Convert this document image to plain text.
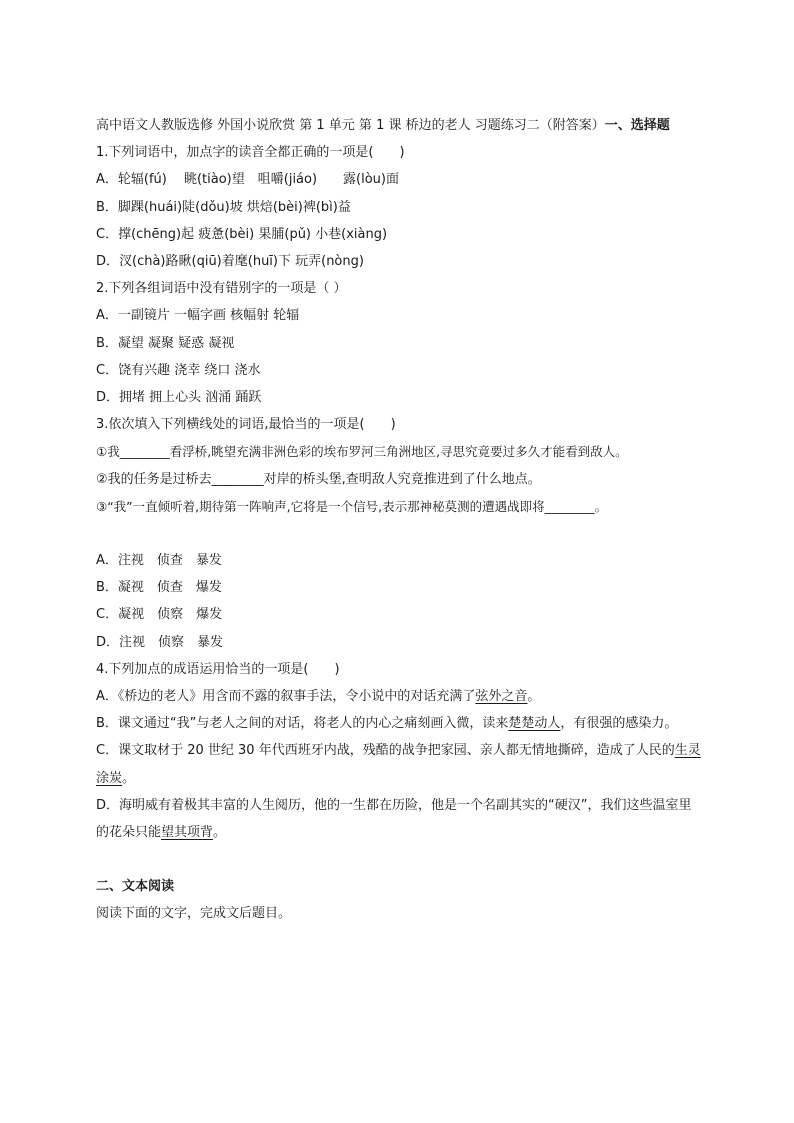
高中语文人教版选修 外国小说欣赏 第 1 单元 第 1 课 桥边的老人 习题练习二（附答案）一、选择题
1.下列词语中，加点字的读音全都正确的一项是(　　)
A．轮辐(fú)　 眺(tiào)望　咀嚼(jiáo)　　露(lòu)面
B．脚踝(huái)陡(dǒu)坡 烘焙(bèi)裨(bì)益
C．撑(chēng)起 疲惫(bèi) 果脯(pǔ) 小巷(xiàng)
D．汊(chà)路瞅(qiū)着麾(huī)下 玩弄(nòng)
2.下列各组词语中没有错别字的一项是（ ）
A．一副镜片 一幅字画 核幅射 轮辐
B．凝望 凝聚 疑惑 凝视
C．饶有兴趣 浇幸 绕口 浇水
D．拥堵 拥上心头 汹涌 踊跃
3.依次填入下列横线处的词语,最恰当的一项是(　　)
①我________看浮桥,眺望充满非洲色彩的埃布罗河三角洲地区,寻思究竟要过多久才能看到敌人。
②我的任务是过桥去________对岸的桥头堡,查明敌人究竟推进到了什么地点。
③“我”一直倾听着,期待第一阵响声,它将是一个信号,表示那神秘莫测的遭遇战即将________。
A．注视　侦查　暴发
B．凝视　侦查　爆发
C．凝视　侦察　爆发
D．注视　侦察　暴发
4.下列加点的成语运用恰当的一项是(　　)
A．《桥边的老人》用含而不露的叙事手法，令小说中的对话充满了弦外之音。
B．课文通过“我”与老人之间的对话，将老人的内心之痛刻画入微，读来楚楚动人，有很强的感染力。
C．课文取材于 20 世纪 30 年代西班牙内战，残酷的战争把家园、亲人都无情地撕碎，造成了人民的生灵涂炭。
D．海明威有着极其丰富的人生阅历，他的一生都在历险，他是一个名副其实的“硬汉”，我们这些温室里的花朵只能望其项背。
二、文本阅读
阅读下面的文字，完成文后题目。
